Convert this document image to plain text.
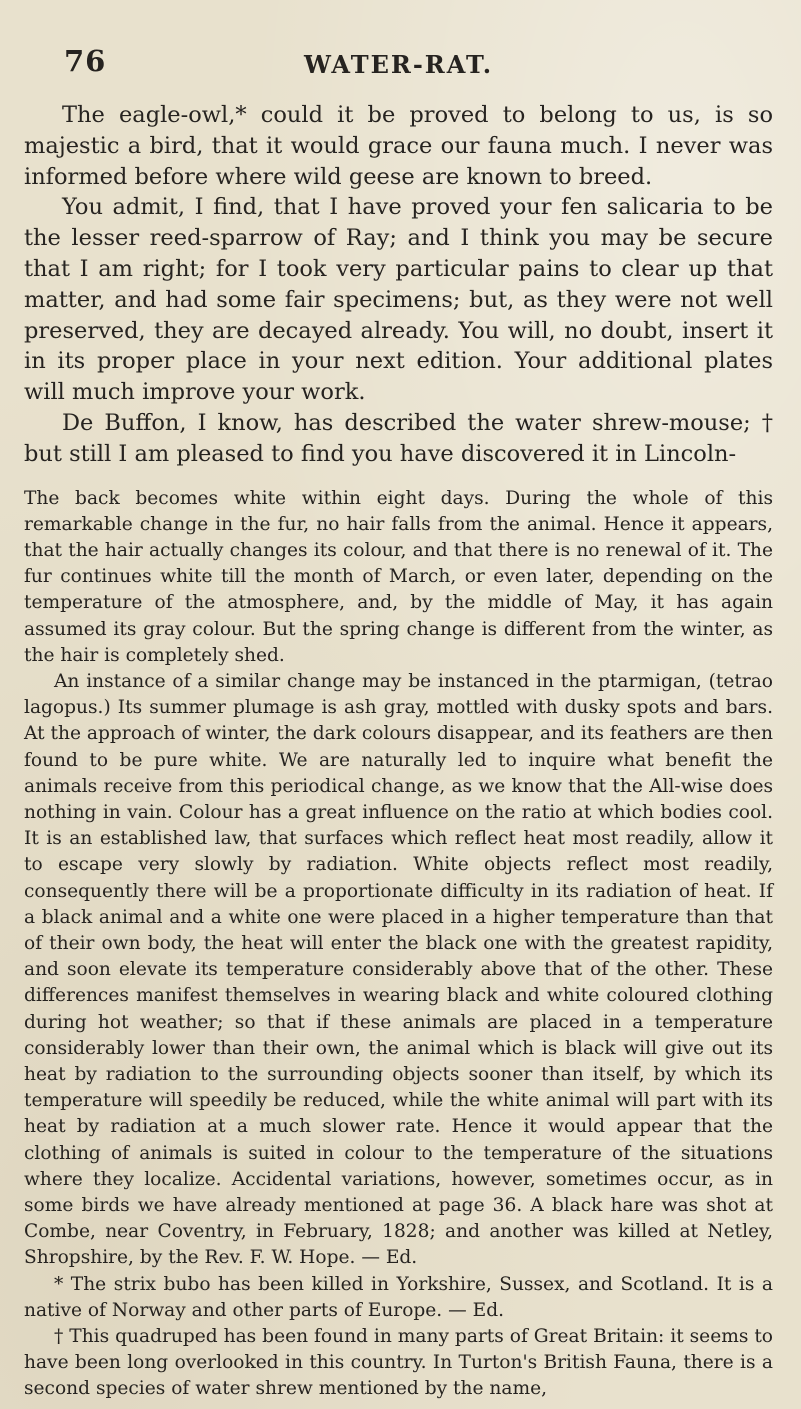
76	WATER-RAT.

The eagle-owl,* could it be proved to belong to us, is so majestic a bird, that it would grace our fauna much. I never was informed before where wild geese are known to breed.

You admit, I find, that I have proved your fen salicaria to be the lesser reed-sparrow of Ray; and I think you may be secure that I am right; for I took very particular pains to clear up that matter, and had some fair specimens; but, as they were not well preserved, they are decayed already. You will, no doubt, insert it in its proper place in your next edition. Your additional plates will much improve your work.

De Buffon, I know, has described the water shrew-mouse; † but still I am pleased to find you have discovered it in Lincoln-

The back becomes white within eight days. During the whole of this remarkable change in the fur, no hair falls from the animal. Hence it appears, that the hair actually changes its colour, and that there is no renewal of it. The fur continues white till the month of March, or even later, depending on the temperature of the atmosphere, and, by the middle of May, it has again assumed its gray colour. But the spring change is different from the winter, as the hair is completely shed.

An instance of a similar change may be instanced in the ptarmigan, (tetrao lagopus.) Its summer plumage is ash gray, mottled with dusky spots and bars. At the approach of winter, the dark colours disappear, and its feathers are then found to be pure white. We are naturally led to inquire what benefit the animals receive from this periodical change, as we know that the All-wise does nothing in vain. Colour has a great influence on the ratio at which bodies cool. It is an established law, that surfaces which reflect heat most readily, allow it to escape very slowly by radiation. White objects reflect most readily, consequently there will be a proportionate difficulty in its radiation of heat. If a black animal and a white one were placed in a higher temperature than that of their own body, the heat will enter the black one with the greatest rapidity, and soon elevate its temperature considerably above that of the other. These differences manifest themselves in wearing black and white coloured clothing during hot weather; so that if these animals are placed in a temperature considerably lower than their own, the animal which is black will give out its heat by radiation to the surrounding objects sooner than itself, by which its temperature will speedily be reduced, while the white animal will part with its heat by radiation at a much slower rate. Hence it would appear that the clothing of animals is suited in colour to the temperature of the situations where they localize. Accidental variations, however, sometimes occur, as in some birds we have already mentioned at page 36. A black hare was shot at Combe, near Coventry, in February, 1828; and another was killed at Netley, Shropshire, by the Rev. F. W. Hope. — Ed.

* The strix bubo has been killed in Yorkshire, Sussex, and Scotland. It is a native of Norway and other parts of Europe. — Ed.

† This quadruped has been found in many parts of Great Britain: it seems to have been long overlooked in this country. In Turton's British Fauna, there is a second species of water shrew mentioned by the name,
